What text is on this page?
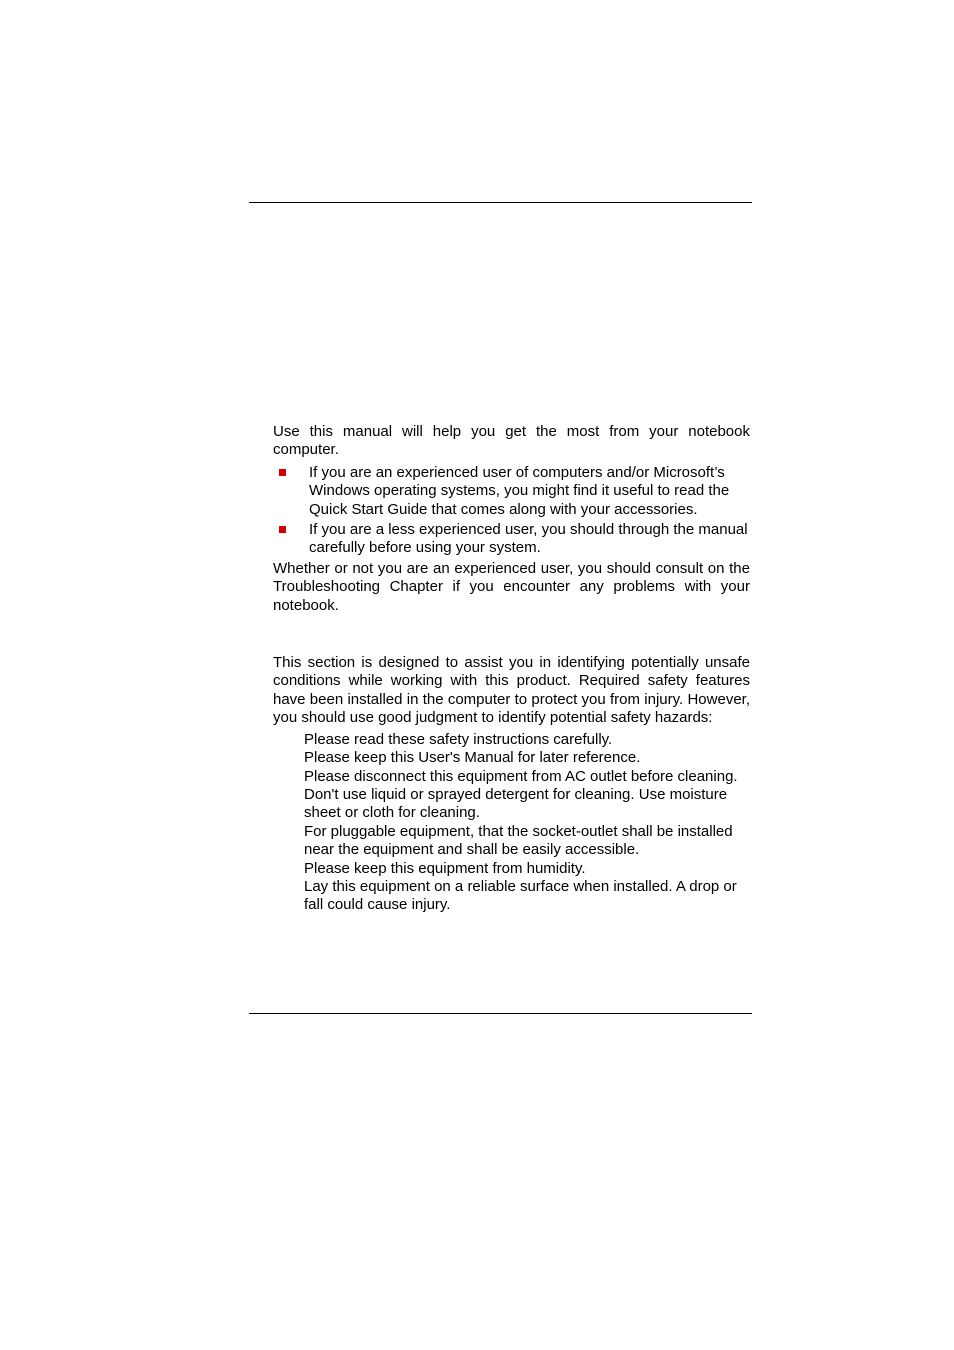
Use this manual will help you get the most from your notebook computer.

If you are an experienced user of computers and/or Microsoft’s Windows operating systems, you might find it useful to read the Quick Start Guide that comes along with your accessories.
If you are a less experienced user, you should through the manual carefully before using your system.

Whether or not you are an experienced user, you should consult on the Troubleshooting Chapter if you encounter any problems with your notebook.

This section is designed to assist you in identifying potentially unsafe conditions while working with this product. Required safety features have been installed in the computer to protect you from injury. However, you should use good judgment to identify potential safety hazards:

Please read these safety instructions carefully.
Please keep this User's Manual for later reference.
Please disconnect this equipment from AC outlet before cleaning. Don't use liquid or sprayed detergent for cleaning. Use moisture sheet or cloth for cleaning.
For pluggable equipment, that the socket-outlet shall be installed near the equipment and shall be easily accessible.
Please keep this equipment from humidity.
Lay this equipment on a reliable surface when installed. A drop or fall could cause injury.
